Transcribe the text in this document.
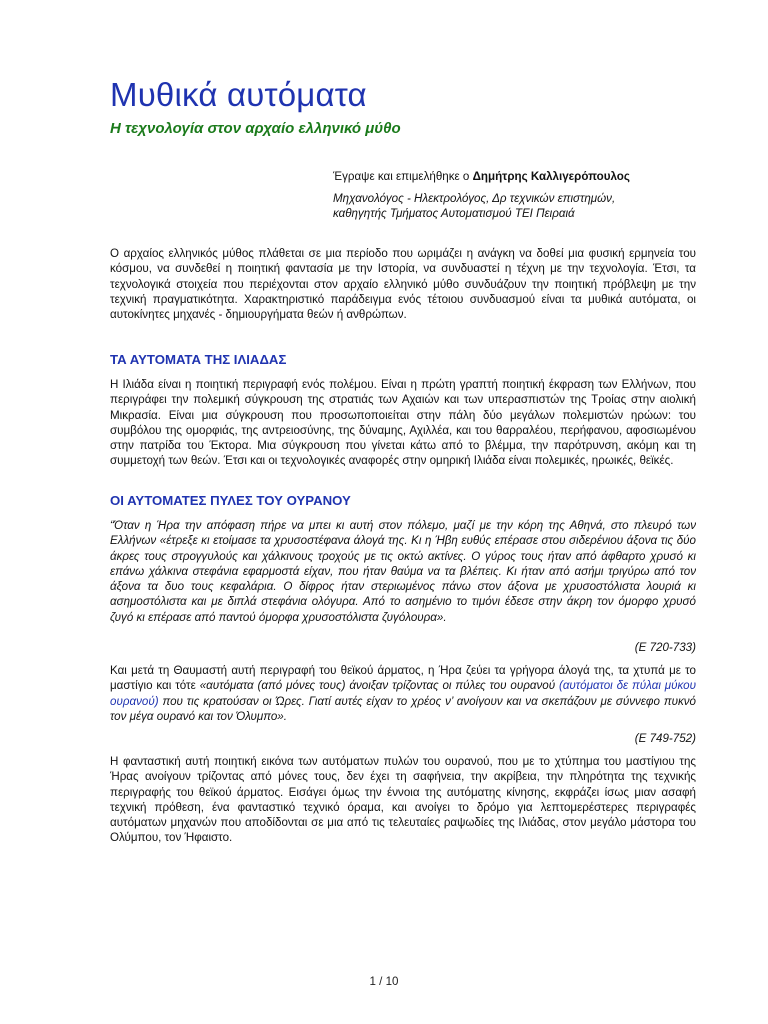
Μυθικά αυτόματα
Η τεχνολογία στον αρχαίο ελληνικό μύθο
Έγραψε και επιμελήθηκε ο Δημήτρης Καλλιγερόπουλος
Μηχανολόγος - Ηλεκτρολόγος, Δρ τεχνικών επιστημών,
καθηγητής Τμήματος Αυτοματισμού ΤΕΙ Πειραιά

Ο αρχαίος ελληνικός μύθος πλάθεται σε μια περίοδο που ωριμάζει η ανάγκη να δοθεί μια φυσική ερμηνεία του κόσμου, να συνδεθεί η ποιητική φαντασία με την Ιστορία, να συνδυαστεί η τέχνη με την τεχνολογία. Έτσι, τα τεχνολογικά στοιχεία που περιέχονται στον αρχαίο ελληνικό μύθο συνδυάζουν την ποιητική πρόβλεψη με την τεχνική πραγματικότητα. Χαρακτηριστικό παράδειγμα ενός τέτοιου συνδυασμού είναι τα μυθικά αυτόματα, οι αυτοκίνητες μηχανές - δημιουργήματα θεών ή ανθρώπων.

ΤΑ ΑΥΤΟΜΑΤΑ ΤΗΣ ΙΛΙΑΔΑΣ

Η Ιλιάδα είναι η ποιητική περιγραφή ενός πολέμου. Είναι η πρώτη γραπτή ποιητική έκφραση των Ελλήνων, που περιγράφει την πολεμική σύγκρουση της στρατιάς των Αχαιών και των υπερασπιστών της Τροίας στην αιολική Μικρασία. Είναι μια σύγκρουση που προσωποποιείται στην πάλη δύο μεγάλων πολεμιστών ηρώων: του συμβόλου της ομορφιάς, της αντρειοσύνης, της δύναμης, Αχιλλέα, και του θαρραλέου, περήφανου, αφοσιωμένου στην πατρίδα του Έκτορα. Μια σύγκρουση που γίνεται κάτω από το βλέμμα, την παρότρυνση, ακόμη και τη συμμετοχή των θεών. Έτσι και οι τεχνολογικές αναφορές στην ομηρική Ιλιάδα είναι πολεμικές, ηρωικές, θεϊκές.

ΟΙ ΑΥΤΟΜΑΤΕΣ ΠΥΛΕΣ ΤΟΥ ΟΥΡΑΝΟΥ

“Όταν η Ήρα την απόφαση πήρε να μπει κι αυτή στον πόλεμο, μαζί με την κόρη της Αθηνά, στο πλευρό των Ελλήνων «έτρεξε κι ετοίμασε τα χρυσοστέφανα άλογά της. Κι η Ήβη ευθύς επέρασε στου σιδερένιου άξονα τις δύο άκρες τους στρογγυλούς και χάλκινους τροχούς με τις οκτώ ακτίνες. Ο γύρος τους ήταν από άφθαρτο χρυσό κι επάνω χάλκινα στεφάνια εφαρμοστά είχαν, που ήταν θαύμα να τα βλέπεις. Κι ήταν από ασήμι τριγύρω από τον άξονα τα δυο τους κεφαλάρια. Ο δίφρος ήταν στεριωμένος πάνω στον άξονα με χρυσοστόλιστα λουριά κι ασημοστόλιστα και με διπλά στεφάνια ολόγυρα. Από το ασημένιο το τιμόνι έδεσε στην άκρη τον όμορφο χρυσό ζυγό κι επέρασε από παντού όμορφα χρυσοστόλιστα ζυγόλουρα».

(Ε 720-733)

Και μετά τη Θαυμαστή αυτή περιγραφή του θεϊκού άρματος, η Ήρα ζεύει τα γρήγορα άλογά της, τα χτυπά με το μαστίγιο και τότε «αυτόματα (από μόνες τους) άνοιξαν τρίζοντας οι πύλες του ουρανού (αυτόματοι δε πύλαι μύκου ουρανού) που τις κρατούσαν οι Ώρες. Γιατί αυτές είχαν το χρέος ν’ ανοίγουν και να σκεπάζουν με σύννεφο πυκνό τον μέγα ουρανό και τον Όλυμπο».

(Ε 749-752)

Η φανταστική αυτή ποιητική εικόνα των αυτόματων πυλών του ουρανού, που με το χτύπημα του μαστίγιου της Ήρας ανοίγουν τρίζοντας από μόνες τους, δεν έχει τη σαφήνεια, την ακρίβεια, την πληρότητα της τεχνικής περιγραφής του θεϊκού άρματος. Εισάγει όμως την έννοια της αυτόματης κίνησης, εκφράζει ίσως μιαν ασαφή τεχνική πρόθεση, ένα φανταστικό τεχνικό όραμα, και ανοίγει το δρόμο για λεπτομερέστερες περιγραφές αυτόματων μηχανών που αποδίδονται σε μια από τις τελευταίες ραψωδίες της Ιλιάδας, στον μεγάλο μάστορα του Ολύμπου, τον Ήφαιστο.

1 / 10
